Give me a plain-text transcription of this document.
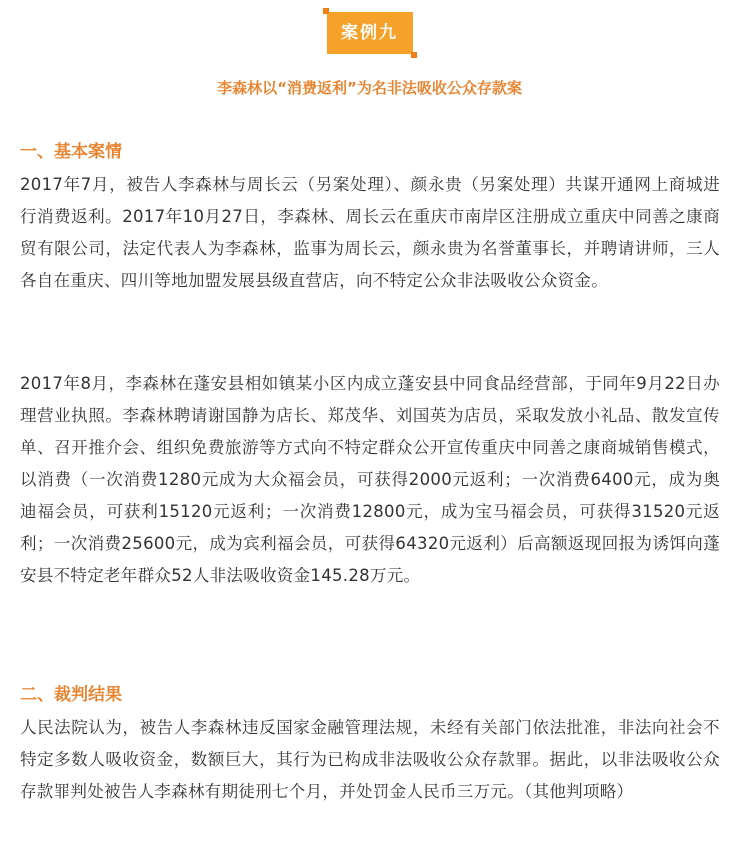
案例九
李森林以“消费返利”为名非法吸收公众存款案
一、基本案情
2017年7月，被告人李森林与周长云（另案处理）、颜永贵（另案处理）共谋开通网上商城进行消费返利。2017年10月27日，李森林、周长云在重庆市南岸区注册成立重庆中同善之康商贸有限公司，法定代表人为李森林，监事为周长云，颜永贵为名誉董事长，并聘请讲师，三人各自在重庆、四川等地加盟发展县级直营店，向不特定公众非法吸收公众资金。
2017年8月，李森林在蓬安县相如镇某小区内成立蓬安县中同食品经营部，于同年9月22日办理营业执照。李森林聘请谢国静为店长、郑茂华、刘国英为店员，采取发放小礼品、散发宣传单、召开推介会、组织免费旅游等方式向不特定群众公开宣传重庆中同善之康商城销售模式，以消费（一次消费1280元成为大众福会员，可获得2000元返利；一次消费6400元，成为奥迪福会员，可获利15120元返利；一次消费12800元，成为宝马福会员，可获得31520元返利；一次消费25600元，成为宾利福会员，可获得64320元返利）后高额返现回报为诱饵向蓬安县不特定老年群众52人非法吸收资金145.28万元。
二、裁判结果
人民法院认为，被告人李森林违反国家金融管理法规，未经有关部门依法批准，非法向社会不特定多数人吸收资金，数额巨大，其行为已构成非法吸收公众存款罪。据此，以非法吸收公众存款罪判处被告人李森林有期徒刑七个月，并处罚金人民币三万元。（其他判项略）
